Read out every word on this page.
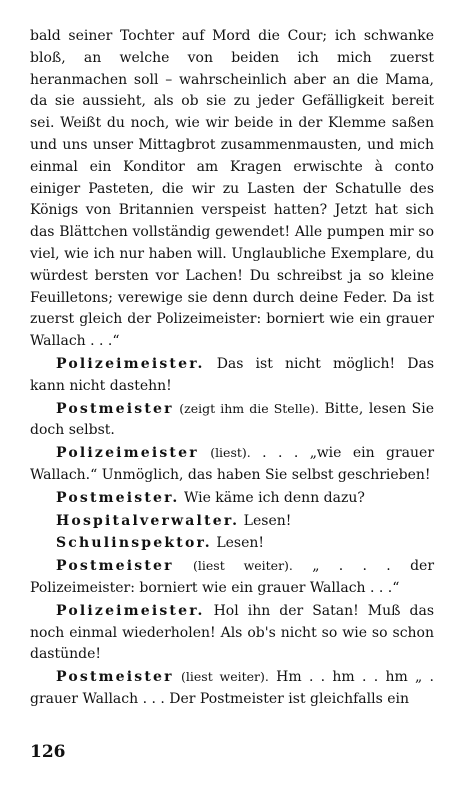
bald seiner Tochter auf Mord die Cour; ich schwanke bloß, an welche von beiden ich mich zuerst heranmachen soll – wahrscheinlich aber an die Mama, da sie aussieht, als ob sie zu jeder Gefälligkeit bereit sei. Weißt du noch, wie wir beide in der Klemme saßen und uns unser Mittagbrot zusammenmausten, und mich einmal ein Konditor am Kragen erwischte à conto einiger Pasteten, die wir zu Lasten der Schatulle des Königs von Britannien verspeist hatten? Jetzt hat sich das Blättchen vollständig gewendet! Alle pumpen mir so viel, wie ich nur haben will. Unglaubliche Exemplare, du würdest bersten vor Lachen! Du schreibst ja so kleine Feuilletons; verewige sie denn durch deine Feder. Da ist zuerst gleich der Polizeimeister: borniert wie ein grauer Wallach . . .“

Polizeimeister. Das ist nicht möglich! Das kann nicht dastehn!

Postmeister (zeigt ihm die Stelle). Bitte, lesen Sie doch selbst.

Polizeimeister (liest). . . . „wie ein grauer Wallach.“ Unmöglich, das haben Sie selbst geschrieben!

Postmeister. Wie käme ich denn dazu?

Hospitalverwalter. Lesen!

Schulinspektor. Lesen!

Postmeister (liest weiter). „ . . . der Polizeimeister: borniert wie ein grauer Wallach . . .“

Polizeimeister. Hol ihn der Satan! Muß das noch einmal wiederholen! Als ob's nicht so wie so schon dastünde!

Postmeister (liest weiter). Hm . . hm . . hm „ . grauer Wallach . . . Der Postmeister ist gleichfalls ein

126
